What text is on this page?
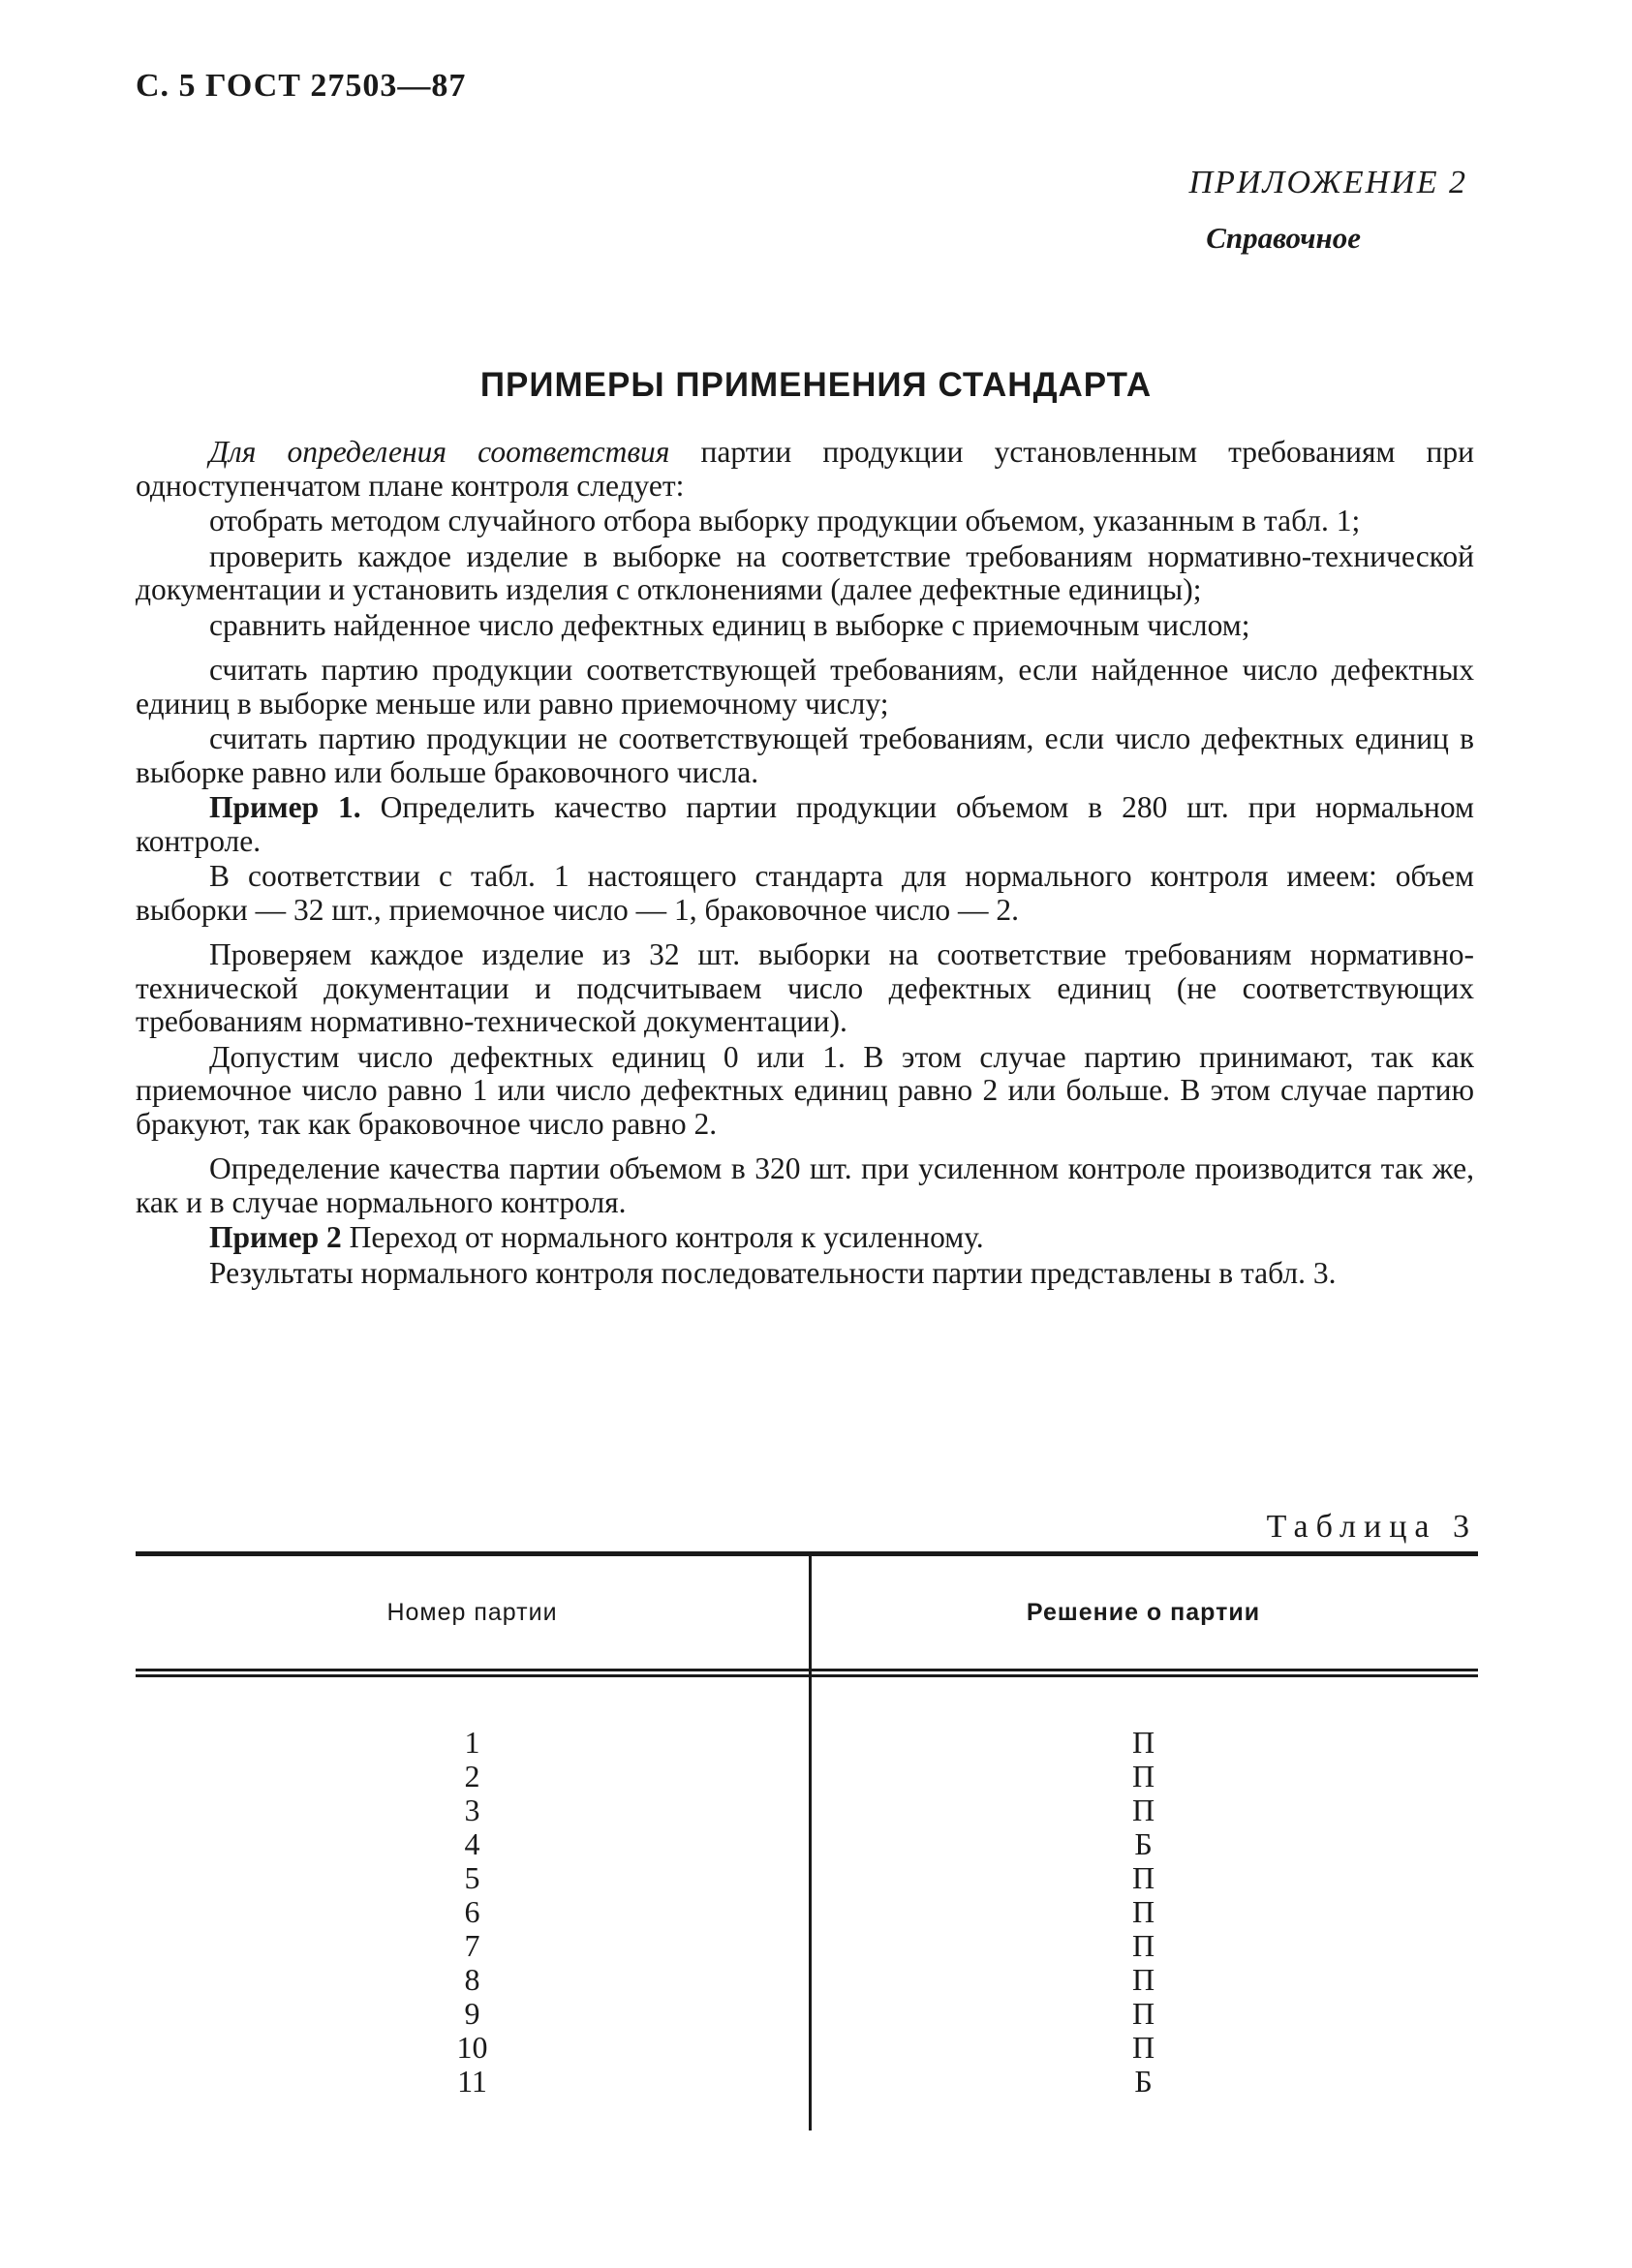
С. 5 ГОСТ 27503—87
ПРИЛОЖЕНИЕ 2
Справочное
ПРИМЕРЫ ПРИМЕНЕНИЯ СТАНДАРТА

Для определения соответствия партии продукции установленным требованиям при одноступенчатом плане контроля следует:

отобрать методом случайного отбора выборку продукции объемом, указанным в табл. 1;

проверить каждое изделие в выборке на соответствие требованиям нормативно-технической документации и установить изделия с отклонениями (далее дефектные единицы);

сравнить найденное число дефектных единиц в выборке с приемочным числом;

считать партию продукции соответствующей требованиям, если найденное число дефектных единиц в выборке меньше или равно приемочному числу;

считать партию продукции не соответствующей требованиям, если число дефектных единиц в выборке равно или больше браковочного числа.

Пример 1. Определить качество партии продукции объемом в 280 шт. при нормальном контроле.

В соответствии с табл. 1 настоящего стандарта для нормального контроля имеем: объем выборки — 32 шт., приемочное число — 1, браковочное число — 2.

Проверяем каждое изделие из 32 шт. выборки на соответствие требованиям нормативно-технической документации и подсчитываем число дефектных единиц (не соответствующих требованиям нормативно-технической документации).

Допустим число дефектных единиц 0 или 1. В этом случае партию принимают, так как приемочное число равно 1 или число дефектных единиц равно 2 или больше. В этом случае партию бракуют, так как браковочное число равно 2.

Определение качества партии объемом в 320 шт. при усиленном контроле производится так же, как и в случае нормального контроля.

Пример 2 Переход от нормального контроля к усиленному.

Результаты нормального контроля последовательности партии представлены в табл. 3.

Таблица 3
Номер партии	Решение о партии
1
2
3
4
5
6
7
8
9
10
11
П
П
П
Б
П
П
П
П
П
П
Б
